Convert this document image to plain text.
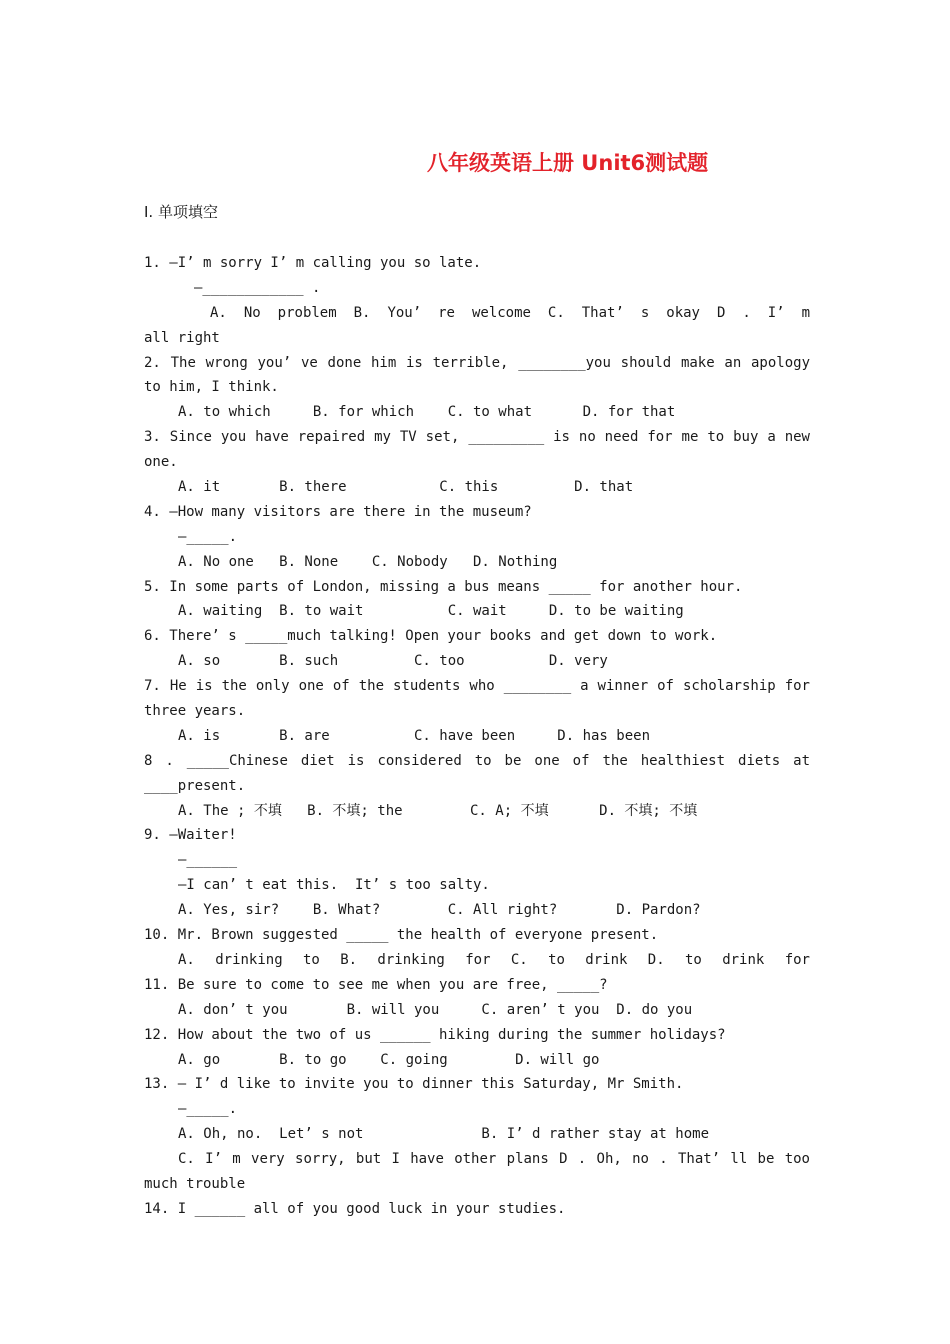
八年级英语上册 Unit6测试题
I. 单项填空
1. —I’ m sorry I’ m calling you so late.
—____________ .
A. No problem B. You’ re welcome C. That’ s okay D . I’ m
all right
2. The wrong you’ ve done him is terrible, ________you should make an apology
to him, I think.
A. to which     B. for which    C. to what      D. for that
3. Since you have repaired my TV set, _________ is no need for me to buy a new
one.
A. it       B. there           C. this         D. that
4. —How many visitors are there in the museum?
—_____.
A. No one   B. None    C. Nobody   D. Nothing
5. In some parts of London, missing a bus means _____ for another hour.
A. waiting  B. to wait          C. wait     D. to be waiting
6. There’ s _____much talking! Open your books and get down to work.
A. so       B. such         C. too          D. very
7. He is the only one of the students who ________ a winner of scholarship for
three years.
A. is       B. are          C. have been     D. has been
8 . _____Chinese diet is considered to be one of the healthiest diets at
____present.
A. The ; 不填   B. 不填; the        C. A; 不填      D. 不填; 不填
9. —Waiter!
—______
—I can’ t eat this.  It’ s too salty.
A. Yes, sir?    B. What?        C. All right?       D. Pardon?
10. Mr. Brown suggested _____ the health of everyone present.
A. drinking to B. drinking for C. to drink D. to drink for
11. Be sure to come to see me when you are free, _____?
A. don’ t you       B. will you     C. aren’ t you  D. do you
12. How about the two of us ______ hiking during the summer holidays?
A. go       B. to go    C. going        D. will go
13. — I’ d like to invite you to dinner this Saturday, Mr Smith.
—_____.
A. Oh, no.  Let’ s not              B. I’ d rather stay at home
C. I’ m very sorry, but I have other plans D . Oh, no . That’ ll be too
much trouble
14. I ______ all of you good luck in your studies.
